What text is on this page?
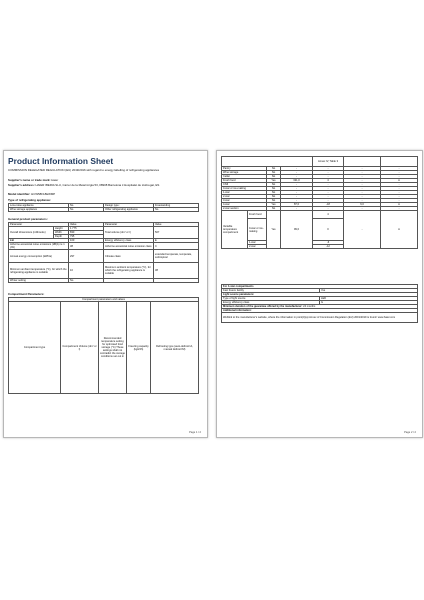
Product Information Sheet
COMMISSION DELEGATED REGULATION (EU) 2019/2016 with regard to energy labelling of refrigerating appliances
Supplier's name or trade mark: Haier
Supplier's address: HAIER IBERIA SLU, Carrer de la Metal·lúrgia 53, 08908 Barcelona L'Hospitalet de Llobregat, ES
Model identifier: HCW58F18EWMP
Type of refrigerating appliance:
Low-noise appliance	No	Design type:	Freestanding
Wine storage appliance	No	Other refrigerating appliance	No
General product parameters:
Parameter		Value	Parameter	Value
Overall dimensions (millimetre)	Height	1 775	Total volume (dm³ or l)	507
	Width	830		
	Depth	795		
EEI		100	Energy efficiency class	E
Airborne acoustical noise emissions (dB(A) re 1 pW)		38	Airborne acoustical noise emission class	C
Annual energy consumption (kWh/a)		297	Climate class:	extended temperate, temperate, subtropical
Minimum ambient temperature (°C), for which the refrigerating appliance is suitable		10	Maximum ambient temperature (°C), for which the refrigerating appliance is suitable	38
Winter setting		No		
Compartment Parameters:
Compartment parameters and values
Compartment type	Compartment Volume (dm³ or l)	Recommended temperature setting for optimised food storage (°C) These settings shall not contradict the storage conditions set out in	Freezing capacity (kg/24h)	Defrosting type (auto-defrost=A, manual defrost=M)
Page 1 / 2
				Annex IV, Table 3		
Pantry		No	-	-	-	-
Wine storage		No	-	-	-	-
Cellar		No	-	-	-	-
Fresh food		Yes	321,0	4	-	A
Chill		No	-	-	-	-
0-star or ice-making		No	-	-	-	-
1-star		No	-	-	-	-
2-star		No	-	-	-	-
3-star		No	-	-	-	-
4-star		Yes	87,0	-18	6,0	A
2-star section		No	-	-	-	-
Variable temperature compartment	Fresh food	Yes	99,0	4	-	A
	0-star or ice-making			0		
	1-star			-6		
	2-star			-12		
For 4-star compartments	
Fast freeze facility	Yes
Light source parameters:	
Type of light source	LED
Energy efficiency class	G
Minimum duration of the guarantee offered by the manufacturer: 24 months	
Additional information:	
Weblink to the manufacturer's website, where the information in point(4)(a) Annex of Commission Regulation (EU) 2019/2019 is found: www.haier.com	
Page 2 / 2
